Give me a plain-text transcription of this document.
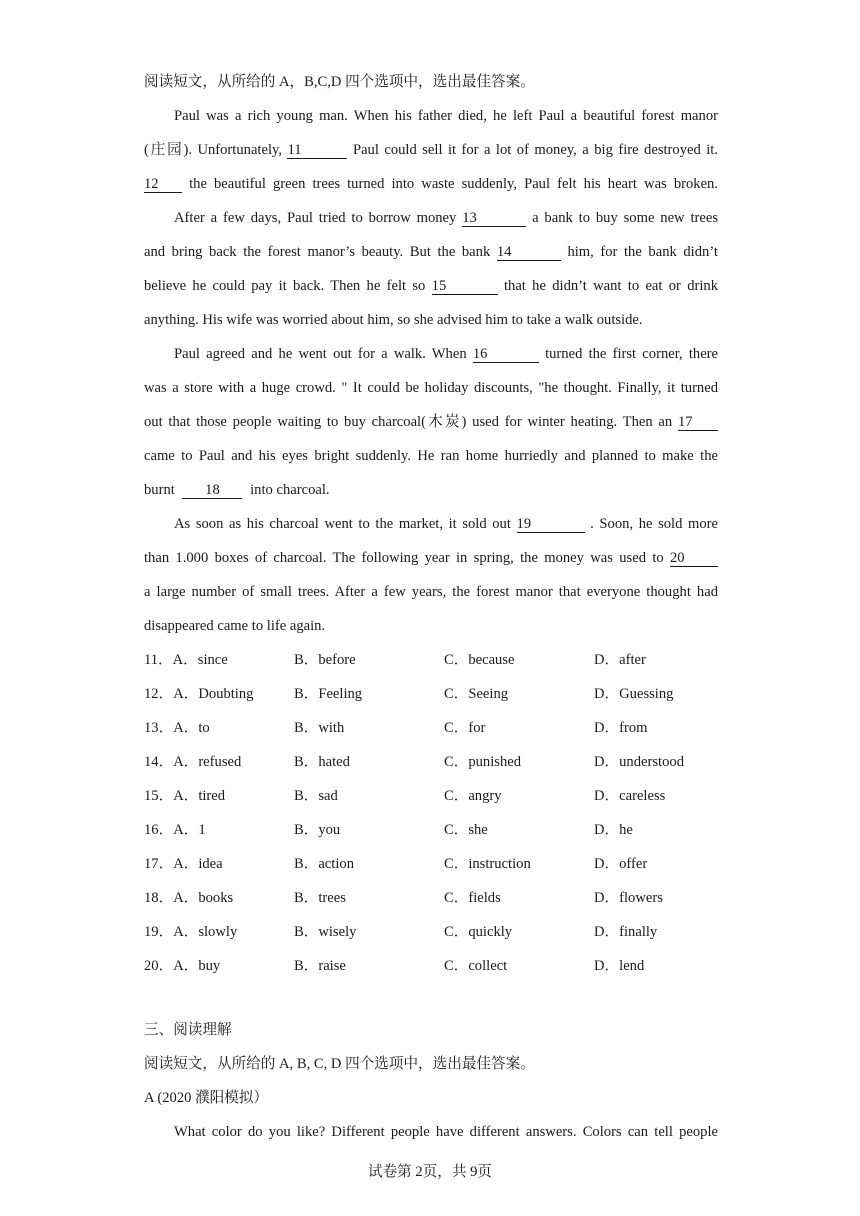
阅读短文，从所给的 A，B,C,D 四个选项中，选出最佳答案。
Paul was a rich young man. When his father died, he left Paul a beautiful forest manor
(庄园). Unfortunately, 11	Paul could sell it for a lot of money, a big fire destroyed it.
12 the beautiful green trees turned into waste suddenly, Paul felt his heart was broken.
After a few days, Paul tried to borrow money 13	a bank to buy some new trees
and bring back the forest manor’s beauty. But the bank 14	him, for the bank didn’t
believe he could pay it back. Then he felt so 15	that he didn’t want to eat or drink
anything. His wife was worried about him, so she advised him to take a walk outside.
Paul agreed and he went out for a walk. When 16	turned the first corner, there
was a store with a huge crowd. " It could be holiday discounts, "he thought. Finally, it turned
out that those people waiting to buy charcoal(木炭) used for winter heating. Then an 17
came to Paul and his eyes bright suddenly. He ran home hurriedly and planned to make the
burnt 18 into charcoal.
As soon as his charcoal went to the market, it sold out 19	. Soon, he sold more
than 1.000 boxes of charcoal. The following year in spring, the money was used to 20
a large number of small trees. After a few years, the forest manor that everyone thought had
disappeared came to life again.
11．A．since	B．before	C．because	D．after
12．A．Doubting	B．Feeling	C．Seeing	D．Guessing
13．A．to	B．with	C．for	D．from
14．A．refused	B．hated	C．punished	D．understood
15．A．tired	B．sad	C．angry	D．careless
16．A．1	B．you	C．she	D．he
17．A．idea	B．action	C．instruction	D．offer
18．A．books	B．trees	C．fields	D．flowers
19．A．slowly	B．wisely	C．quickly	D．finally
20．A．buy	B．raise	C．collect	D．lend
三、阅读理解
阅读短文，从所给的 A, B, C, D 四个选项中，选出最佳答案。
A (2020 濮阳模拟）
What color do you like? Different people have different answers. Colors can tell people
试卷第 2页，共 9页
